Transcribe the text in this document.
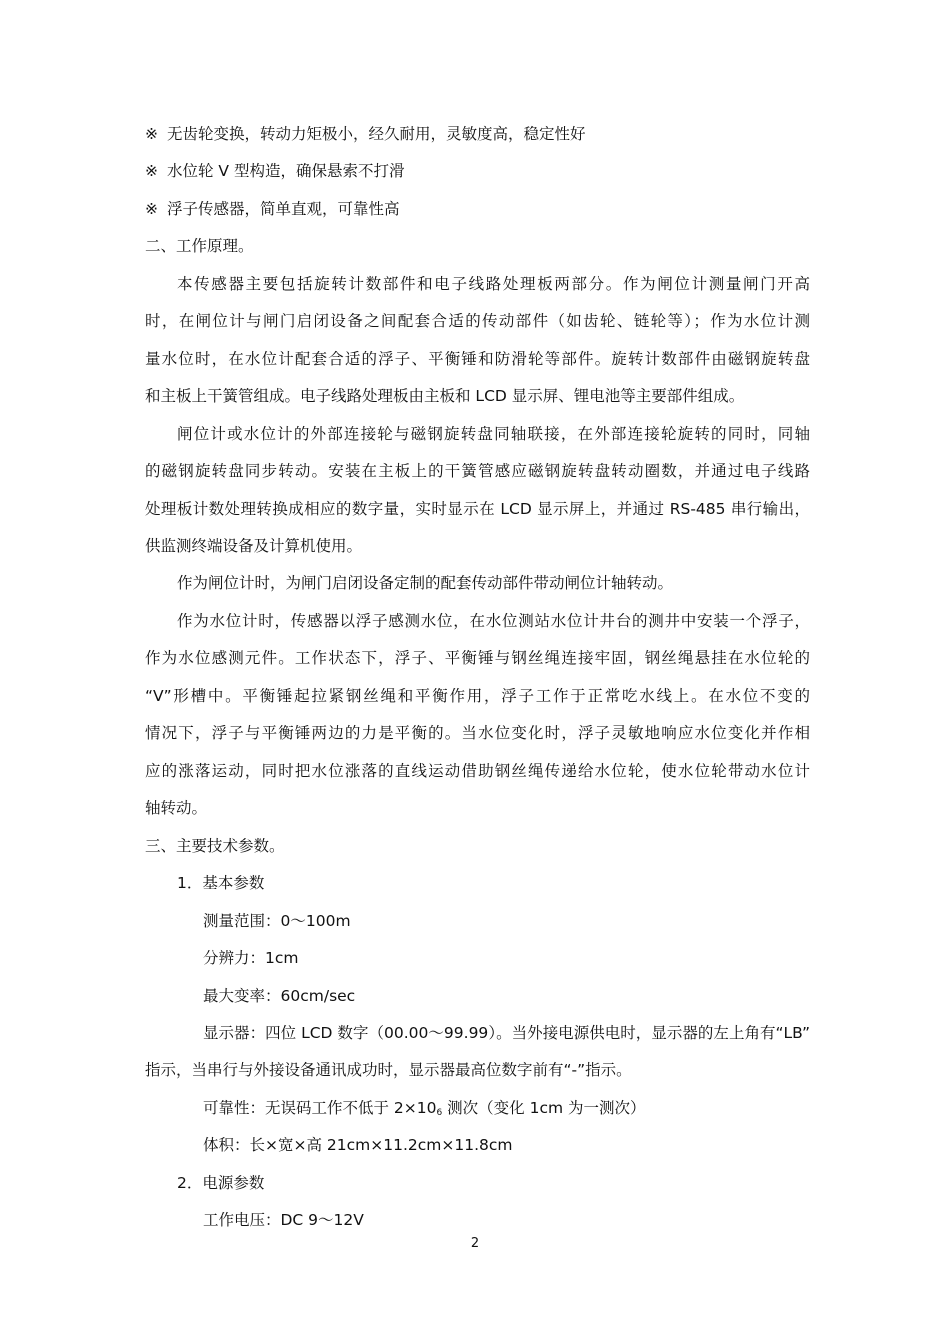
※ 无齿轮变换，转动力矩极小，经久耐用，灵敏度高，稳定性好
※ 水位轮 V 型构造，确保悬索不打滑
※ 浮子传感器，简单直观，可靠性高
二、工作原理。
本传感器主要包括旋转计数部件和电子线路处理板两部分。作为闸位计测量闸门开高
时，在闸位计与闸门启闭设备之间配套合适的传动部件（如齿轮、链轮等）；作为水位计测
量水位时，在水位计配套合适的浮子、平衡锤和防滑轮等部件。旋转计数部件由磁钢旋转盘
和主板上干簧管组成。电子线路处理板由主板和 LCD 显示屏、锂电池等主要部件组成。
闸位计或水位计的外部连接轮与磁钢旋转盘同轴联接，在外部连接轮旋转的同时，同轴
的磁钢旋转盘同步转动。安装在主板上的干簧管感应磁钢旋转盘转动圈数，并通过电子线路
处理板计数处理转换成相应的数字量，实时显示在 LCD 显示屏上，并通过 RS-485 串行输出，
供监测终端设备及计算机使用。
作为闸位计时，为闸门启闭设备定制的配套传动部件带动闸位计轴转动。
作为水位计时，传感器以浮子感测水位，在水位测站水位计井台的测井中安装一个浮子，
作为水位感测元件。工作状态下，浮子、平衡锤与钢丝绳连接牢固，钢丝绳悬挂在水位轮的
“V”形槽中。平衡锤起拉紧钢丝绳和平衡作用，浮子工作于正常吃水线上。在水位不变的
情况下，浮子与平衡锤两边的力是平衡的。当水位变化时，浮子灵敏地响应水位变化并作相
应的涨落运动，同时把水位涨落的直线运动借助钢丝绳传递给水位轮，使水位轮带动水位计
轴转动。
三、主要技术参数。
1．基本参数
测量范围：0～100m
分辨力：1cm
最大变率：60cm/sec
显示器：四位 LCD 数字（00.00～99.99）。当外接电源供电时，显示器的左上角有“LB”
指示，当串行与外接设备通讯成功时，显示器最高位数字前有“-”指示。
可靠性：无误码工作不低于 $2\times 10_6$ 测次（变化 1cm 为一测次）
体积：长×宽×高 21cm×11.2cm×11.8cm
2．电源参数
工作电压：DC 9～12V
2
